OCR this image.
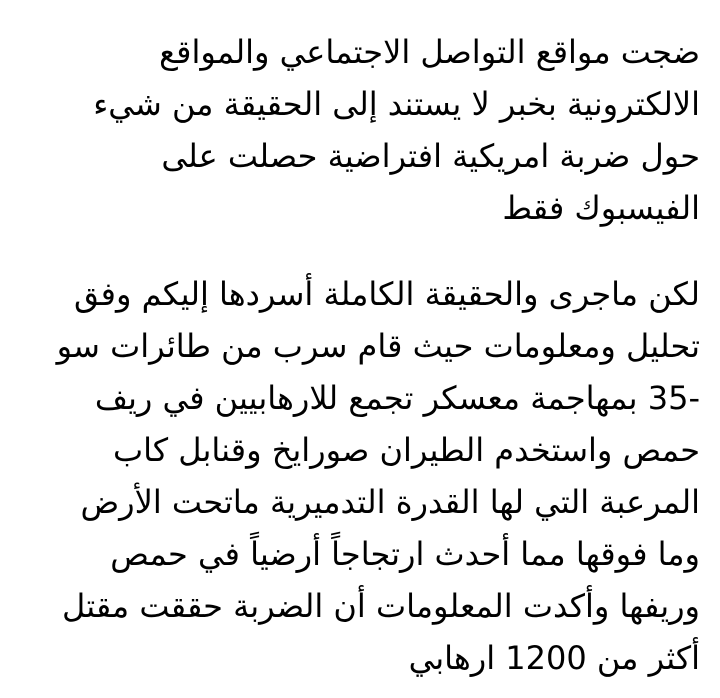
ضجت مواقع التواصل الاجتماعي والمواقع
الالكترونية بخبر لا يستند إلى الحقيقة من شيء
حول ضربة امريكية افتراضية حصلت على
الفيسبوك فقط

لكن ماجرى والحقيقة الكاملة أسردها إليكم وفق
تحليل ومعلومات حيث قام سرب من طائرات سو
-35 بمهاجمة معسكر تجمع للارهابيين في ريف
حمص واستخدم الطيران صورايخ وقنابل كاب
المرعبة التي لها القدرة التدميرية ماتحت الأرض
وما فوقها مما أحدث ارتجاجاً أرضياً في حمص
وريفها وأكدت المعلومات أن الضربة حققت مقتل
أكثر من 1200 ارهابي
